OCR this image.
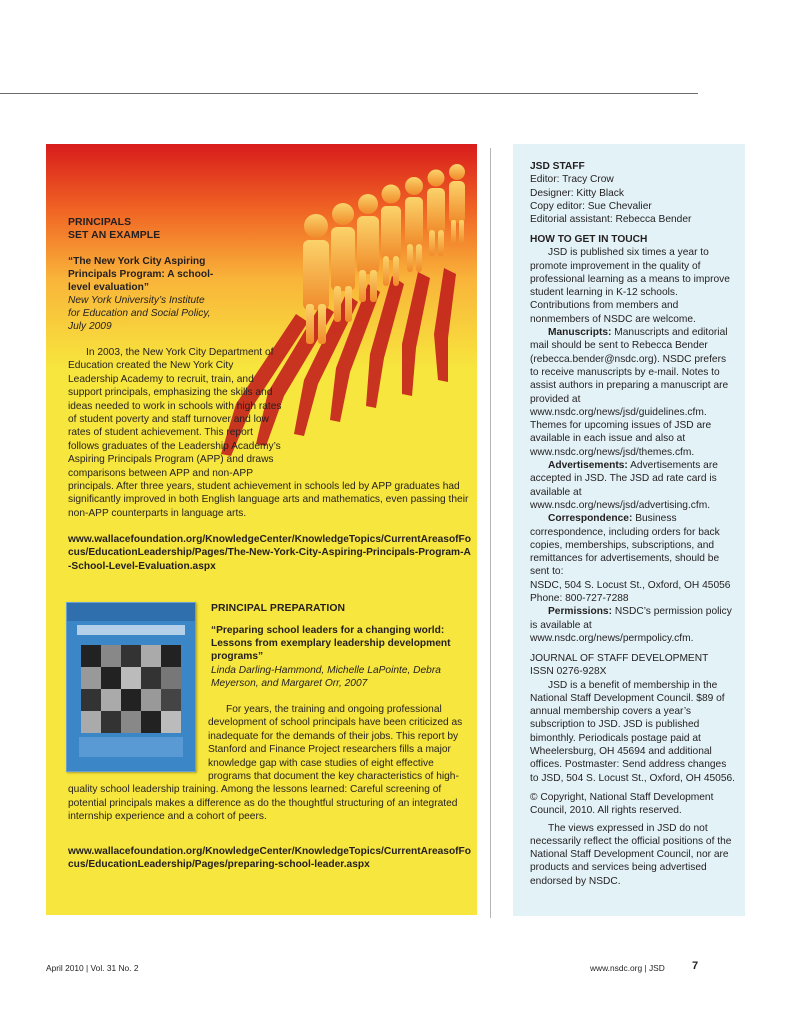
PRINCIPALS
SET AN EXAMPLE
“The New York City Aspiring Principals Program: A school-level evaluation”
New York University’s Institute for Education and Social Policy, July 2009

In 2003, the New York City Department of Education created the New York City Leadership Academy to recruit, train, and support principals, emphasizing the skills and ideas needed to work in schools with high rates of student poverty and staff turnover and low rates of student achievement. This report follows graduates of the Leadership Academy’s Aspiring Principals Program (APP) and draws comparisons between APP and non-APP principals. After three years, student achievement in schools led by APP graduates had significantly improved in both English language arts and mathematics, even passing their non-APP counterparts in language arts.

www.wallacefoundation.org/KnowledgeCenter/KnowledgeTopics/CurrentAreasofFocus/EducationLeadership/Pages/The-New-York-City-Aspiring-Principals-Program-A-School-Level-Evaluation.aspx
PRINCIPAL PREPARATION
“Preparing school leaders for a changing world: Lessons from exemplary leadership development programs”
Linda Darling-Hammond, Michelle LaPointe, Debra Meyerson, and Margaret Orr, 2007

For years, the training and ongoing professional development of school principals have been criticized as inadequate for the demands of their jobs. This report by Stanford and Finance Project researchers fills a major knowledge gap with case studies of eight effective programs that document the key characteristics of high-quality school leadership training. Among the lessons learned: Careful screening of potential principals makes a difference as do the thoughtful structuring of an integrated internship experience and a cohort of peers.

www.wallacefoundation.org/KnowledgeCenter/KnowledgeTopics/CurrentAreasofFocus/EducationLeadership/Pages/preparing-school-leader.aspx

JSD STAFF

Editor: Tracy Crow

Designer: Kitty Black

Copy editor: Sue Chevalier

Editorial assistant: Rebecca Bender

HOW TO GET IN TOUCH

JSD is published six times a year to promote improvement in the quality of professional learning as a means to improve student learning in K-12 schools. Contributions from members and nonmembers of NSDC are welcome.

Manuscripts: Manuscripts and editorial mail should be sent to Rebecca Bender (rebecca.bender@nsdc.org). NSDC prefers to receive manuscripts by e-mail. Notes to assist authors in preparing a manuscript are provided at www.nsdc.org/news/jsd/guidelines.cfm. Themes for upcoming issues of JSD are available in each issue and also at www.nsdc.org/news/jsd/themes.cfm.

Advertisements: Advertisements are accepted in JSD. The JSD ad rate card is available at www.nsdc.org/news/jsd/advertising.cfm.

Correspondence: Business correspondence, including orders for back copies, memberships, subscriptions, and remittances for advertisements, should be sent to:

NSDC, 504 S. Locust St., Oxford, OH 45056

Phone: 800-727-7288

Permissions: NSDC’s permission policy is available at www.nsdc.org/news/permpolicy.cfm.

JOURNAL OF STAFF DEVELOPMENT

ISSN 0276-928X

JSD is a benefit of membership in the National Staff Development Council. $89 of annual membership covers a year’s subscription to JSD. JSD is published bimonthly. Periodicals postage paid at Wheelersburg, OH 45694 and additional offices. Postmaster: Send address changes to JSD, 504 S. Locust St., Oxford, OH 45056.

© Copyright, National Staff Development Council, 2010. All rights reserved.

The views expressed in JSD do not necessarily reflect the official positions of the National Staff Development Council, nor are products and services being advertised endorsed by NSDC.

April 2010 | Vol. 31 No. 2	www.nsdc.org | JSD 7
